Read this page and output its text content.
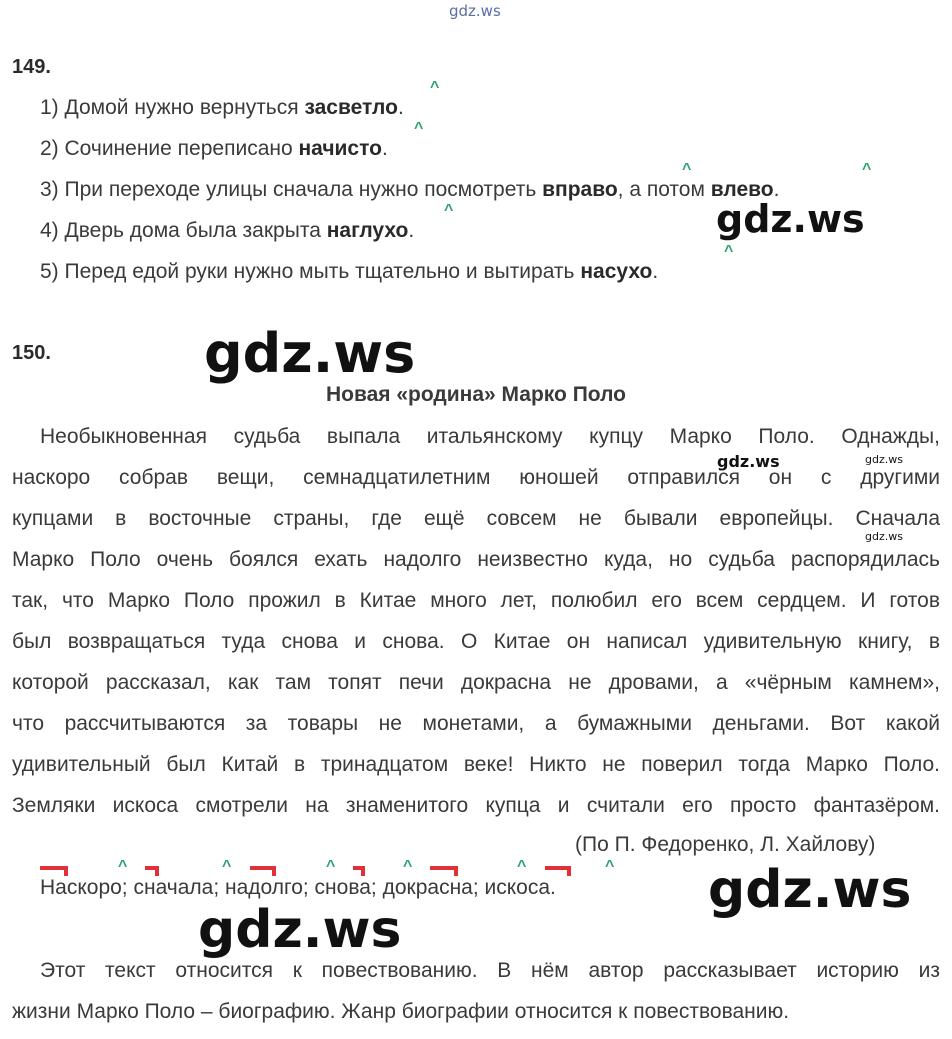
gdz.ws
gdz.ws
gdz.ws
gdz.ws	gdz.ws
gdz.ws
gdz.ws
gdz.ws
149.
1) Домой нужно вернуться засветло.
^
2) Сочинение переписано начисто.
^
3) При переходе улицы сначала нужно посмотреть вправо, а потом влево.
^	^
4) Дверь дома была закрыта наглухо.
^
5) Перед едой руки нужно мыть тщательно и вытирать насухо.
^
150.
Новая «родина» Марко Поло
Необыкновенная судьба выпала итальянскому купцу Марко Поло. Однажды,
наскоро собрав вещи, семнадцатилетним юношей отправился он с другими
купцами в восточные страны, где ещё совсем не бывали европейцы. Сначала
Марко Поло очень боялся ехать надолго неизвестно куда, но судьба распорядилась
так, что Марко Поло прожил в Китае много лет, полюбил его всем сердцем. И готов
был возвращаться туда снова и снова. О Китае он написал удивительную книгу, в
которой рассказал, как там топят печи докрасна не дровами, а «чёрным камнем»,
что рассчитываются за товары не монетами, а бумажными деньгами. Вот какой
удивительный был Китай в тринадцатом веке! Никто не поверил тогда Марко Поло.
Земляки искоса смотрели на знаменитого купца и считали его просто фантазёром.
(По П. Федоренко, Л. Хайлову)
^	^	^	^	^	^
Наскоро; сначала; надолго; снова; докрасна; искоса.
Этот текст относится к повествованию. В нём автор рассказывает историю из
жизни Марко Поло – биографию. Жанр биографии относится к повествованию.
